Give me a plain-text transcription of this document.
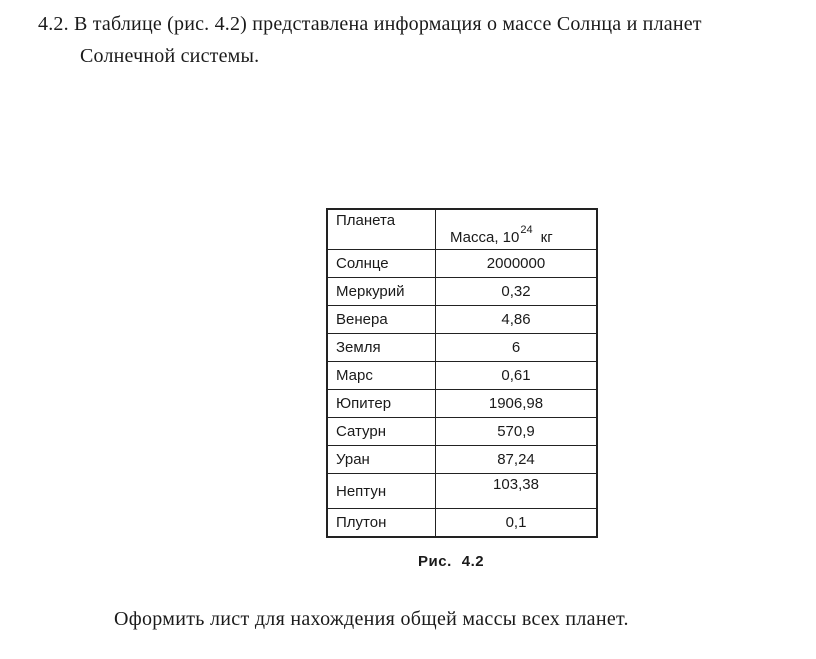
4.2. В таблице (рис. 4.2) представлена информация о массе Солнца и планет
Солнечной системы.
Планета	Масса, $10^{24}$ кг
Солнце	2000000
Меркурий	0,32
Венера	4,86
Земля	6
Марс	0,61
Юпитер	1906,98
Сатурн	570,9
Уран	87,24
Нептун	103,38
Плутон	0,1
Рис. 4.2
Оформить лист для нахождения общей массы всех планет.
